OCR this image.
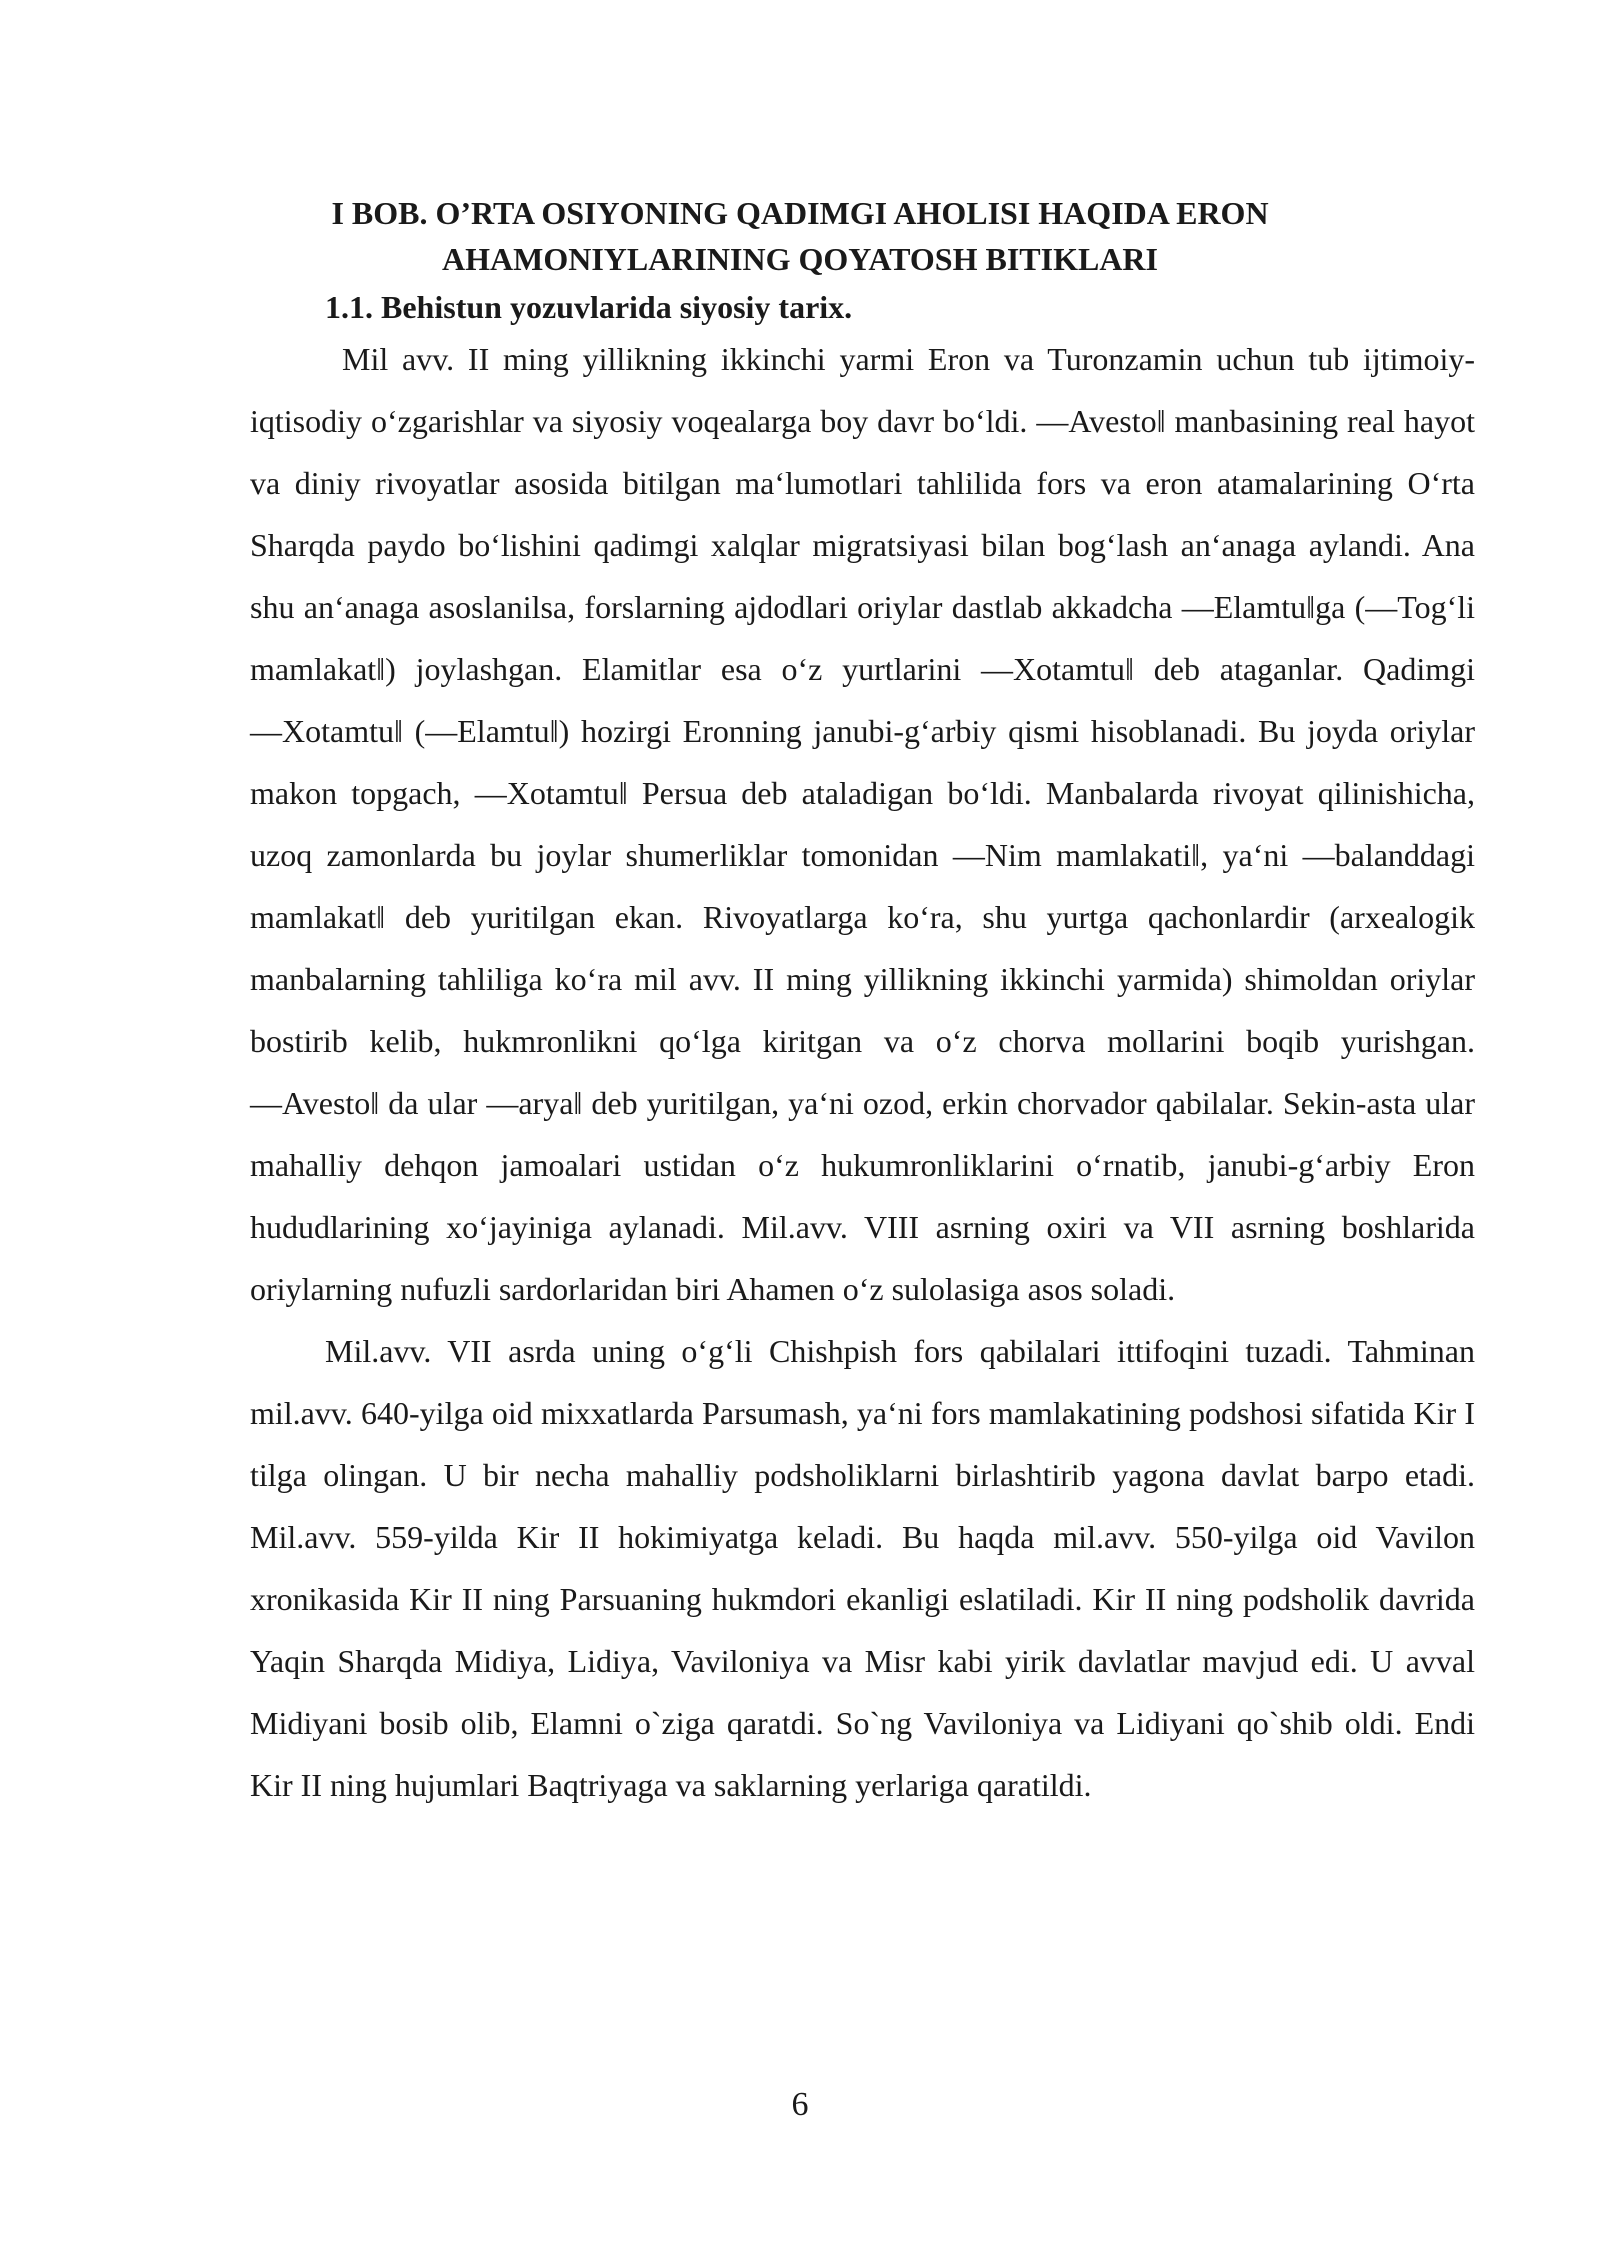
I BOB. O’RTA OSIYONING QADIMGI AHOLISI HAQIDA ERON
AHAMONIYLARINING QOYATOSH BITIKLARI
1.1. Behistun yozuvlarida siyosiy tarix.

Mil avv. II ming yillikning ikkinchi yarmi Eron va Turonzamin uchun tub ijtimoiy-iqtisodiy o‘zgarishlar va siyosiy voqealarga boy davr bo‘ldi. ―Avesto‖ manbasining real hayot va diniy rivoyatlar asosida bitilgan ma‘lumotlari tahlilida fors va eron atamalarining O‘rta Sharqda paydo bo‘lishini qadimgi xalqlar migratsiyasi bilan bog‘lash an‘anaga aylandi. Ana shu an‘anaga asoslanilsa, forslarning ajdodlari oriylar dastlab akkadcha ―Elamtu‖ga (―Tog‘li mamlakat‖) joylashgan. Elamitlar esa o‘z yurtlarini ―Xotamtu‖ deb ataganlar. Qadimgi ―Xotamtu‖ (―Elamtu‖) hozirgi Eronning janubi-g‘arbiy qismi hisoblanadi. Bu joyda oriylar makon topgach, ―Xotamtu‖ Persua deb ataladigan bo‘ldi. Manbalarda rivoyat qilinishicha, uzoq zamonlarda bu joylar shumerliklar tomonidan ―Nim mamlakati‖, ya‘ni ―balanddagi mamlakat‖ deb yuritilgan ekan. Rivoyatlarga ko‘ra, shu yurtga qachonlardir (arxealogik manbalarning tahliliga ko‘ra mil avv. II ming yillikning ikkinchi yarmida) shimoldan oriylar bostirib kelib, hukmronlikni qo‘lga kiritgan va o‘z chorva mollarini boqib yurishgan. ―Avesto‖ da ular ―arya‖ deb yuritilgan, ya‘ni ozod, erkin chorvador qabilalar. Sekin-asta ular mahalliy dehqon jamoalari ustidan o‘z hukumronliklarini o‘rnatib, janubi-g‘arbiy Eron hududlarining xo‘jayiniga aylanadi. Mil.avv. VIII asrning oxiri va VII asrning boshlarida oriylarning nufuzli sardorlaridan biri Ahamen o‘z sulolasiga asos soladi.

Mil.avv. VII asrda uning o‘g‘li Chishpish fors qabilalari ittifoqini tuzadi. Tahminan mil.avv. 640-yilga oid mixxatlarda Parsumash, ya‘ni fors mamlakatining podshosi sifatida Kir I tilga olingan. U bir necha mahalliy podsholiklarni birlashtirib yagona davlat barpo etadi. Mil.avv. 559-yilda Kir II hokimiyatga keladi. Bu haqda mil.avv. 550-yilga oid Vavilon xronikasida Kir II ning Parsuaning hukmdori ekanligi eslatiladi. Kir II ning podsholik davrida Yaqin Sharqda Midiya, Lidiya, Vaviloniya va Misr kabi yirik davlatlar mavjud edi. U avval Midiyani bosib olib, Elamni o`ziga qaratdi. So`ng Vaviloniya va Lidiyani qo`shib oldi. Endi Kir II ning hujumlari Baqtriyaga va saklarning yerlariga qaratildi.

6
